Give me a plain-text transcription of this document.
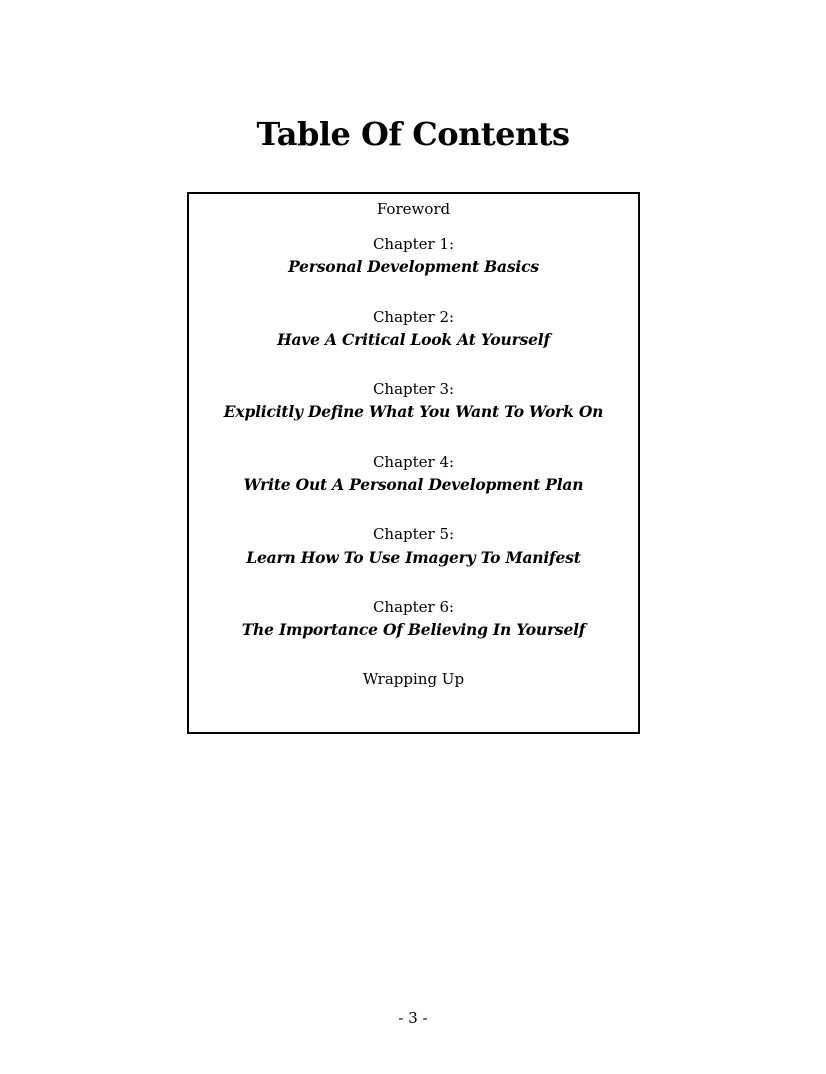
Table Of Contents
Foreword
Chapter 1:
Personal Development Basics
Chapter 2:
Have A Critical Look At Yourself
Chapter 3:
Explicitly Define What You Want To Work On
Chapter 4:
Write Out A Personal Development Plan
Chapter 5:
Learn How To Use Imagery To Manifest
Chapter 6:
The Importance Of Believing In Yourself
Wrapping Up
- 3 -
